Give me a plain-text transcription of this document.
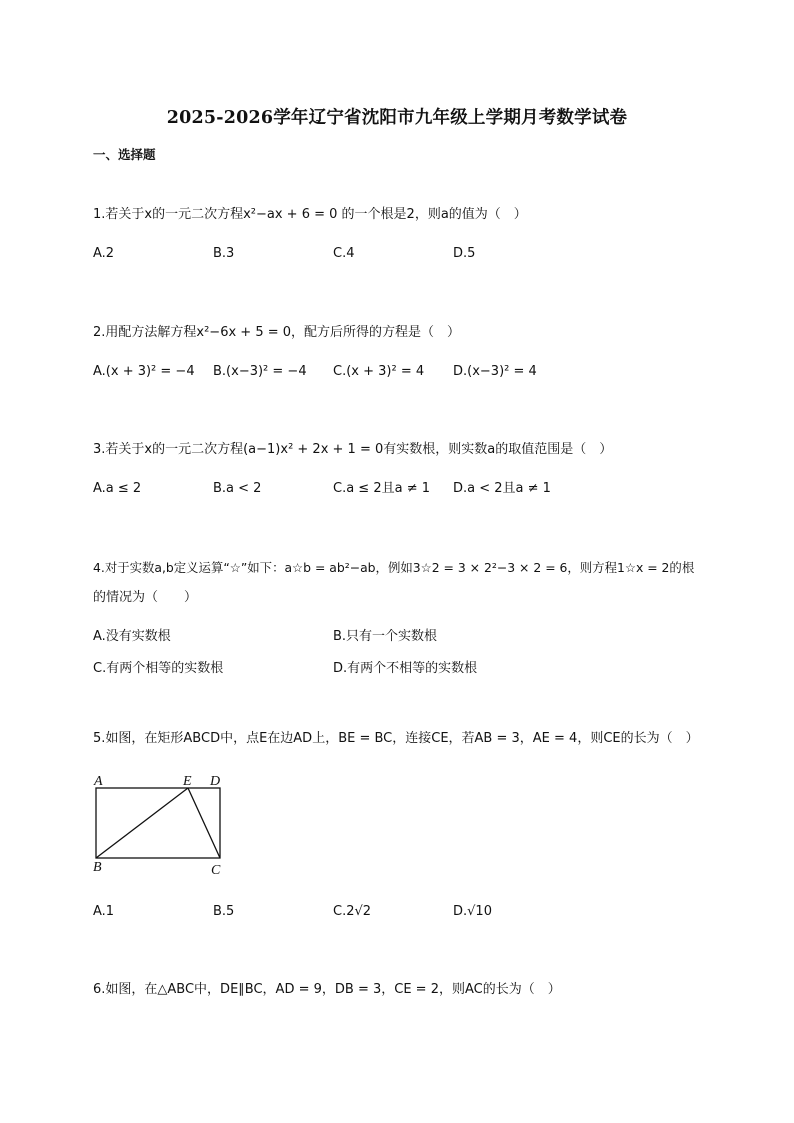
2025-2026学年辽宁省沈阳市九年级上学期月考数学试卷
一、选择题
1.若关于x的一元二次方程x²−ax + 6 = 0 的一个根是2，则a的值为（　）
A.2	B.3	C.4	D.5
2.用配方法解方程x²−6x + 5 = 0，配方后所得的方程是（　）
A.(x + 3)² = −4 B.(x−3)² = −4 C.(x + 3)² = 4 D.(x−3)² = 4
3.若关于x的一元二次方程(a−1)x² + 2x + 1 = 0有实数根，则实数a的取值范围是（　）
A.a ≤ 2	B.a < 2	C.a ≤ 2且a ≠ 1 D.a < 2且a ≠ 1
4.对于实数a,b定义运算“☆”如下：a☆b = ab²−ab，例如3☆2 = 3 × 2²−3 × 2 = 6，则方程1☆x = 2的根
的情况为（　　）
A.没有实数根	B.只有一个实数根
C.有两个相等的实数根	D.有两个不相等的实数根
5.如图，在矩形ABCD中，点E在边AD上，BE = BC，连接CE，若AB = 3，AE = 4，则CE的长为（　）
A	E D
B	C
A.1	B.5	C.2√2	D.√10
6.如图，在△ABC中，DE∥BC，AD = 9，DB = 3，CE = 2，则AC的长为（　）
